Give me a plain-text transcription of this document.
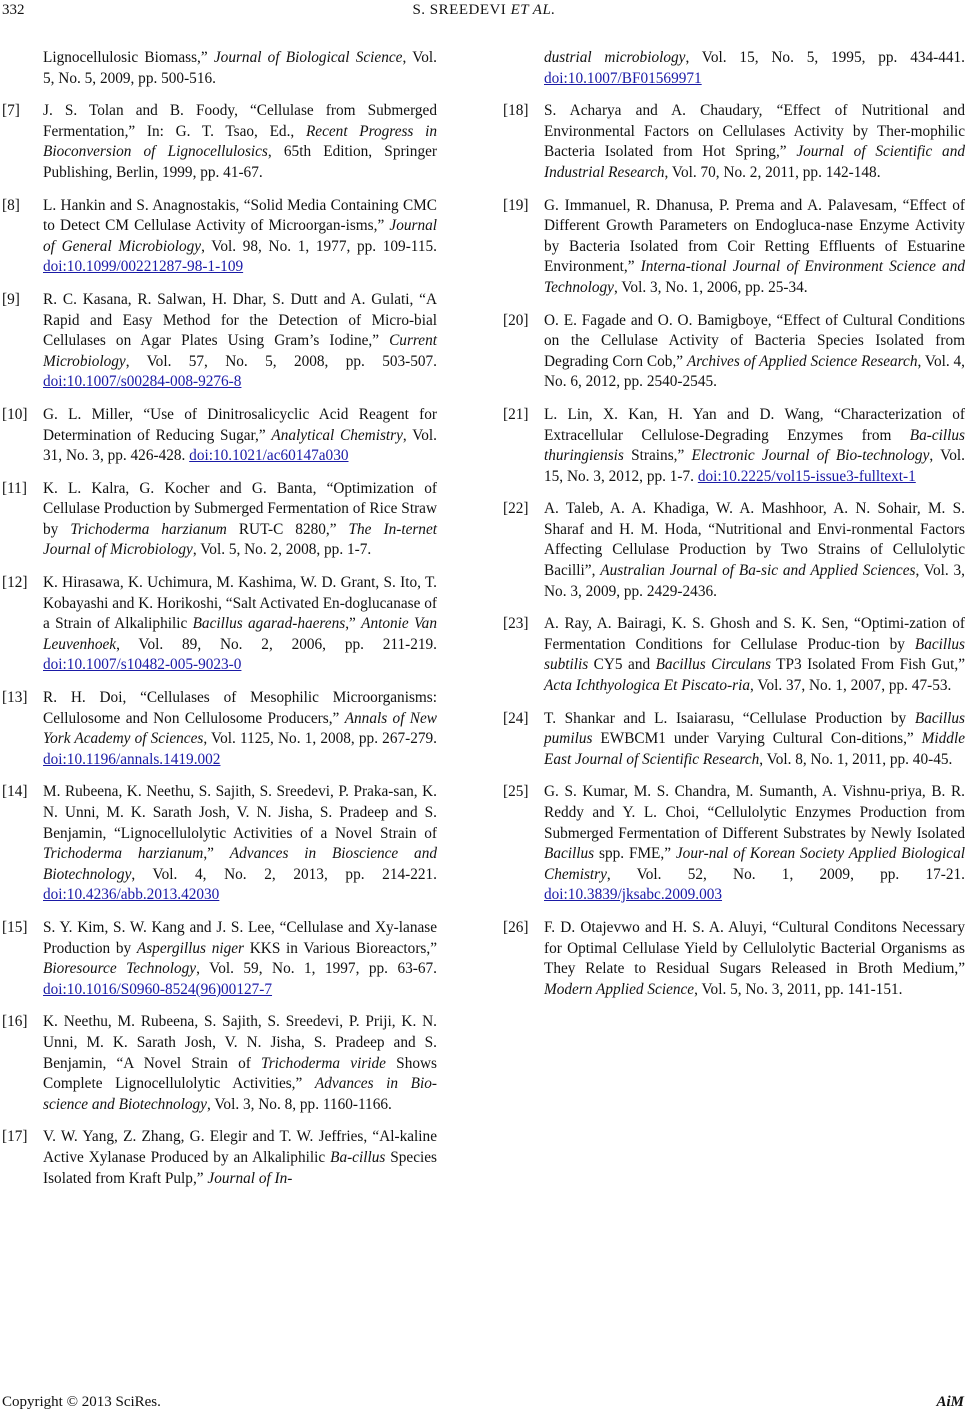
332	S. SREEDEVI ET AL.
Lignocellulosic Biomass,” Journal of Biological Science, Vol. 5, No. 5, 2009, pp. 500-516.
[7] J. S. Tolan and B. Foody, “Cellulase from Submerged Fermentation,” In: G. T. Tsao, Ed., Recent Progress in Bioconversion of Lignocellulosics, 65th Edition, Springer Publishing, Berlin, 1999, pp. 41-67.
[8] L. Hankin and S. Anagnostakis, “Solid Media Containing CMC to Detect CM Cellulase Activity of Microorgan-isms,” Journal of General Microbiology, Vol. 98, No. 1, 1977, pp. 109-115. doi:10.1099/00221287-98-1-109
[9] R. C. Kasana, R. Salwan, H. Dhar, S. Dutt and A. Gulati, “A Rapid and Easy Method for the Detection of Micro-bial Cellulases on Agar Plates Using Gram’s Iodine,” Current Microbiology, Vol. 57, No. 5, 2008, pp. 503-507. doi:10.1007/s00284-008-9276-8
[10] G. L. Miller, “Use of Dinitrosalicyclic Acid Reagent for Determination of Reducing Sugar,” Analytical Chemistry, Vol. 31, No. 3, pp. 426-428. doi:10.1021/ac60147a030
[11] K. L. Kalra, G. Kocher and G. Banta, “Optimization of Cellulase Production by Submerged Fermentation of Rice Straw by Trichoderma harzianum RUT-C 8280,” The In-ternet Journal of Microbiology, Vol. 5, No. 2, 2008, pp. 1-7.
[12] K. Hirasawa, K. Uchimura, M. Kashima, W. D. Grant, S. Ito, T. Kobayashi and K. Horikoshi, “Salt Activated En-doglucanase of a Strain of Alkaliphilic Bacillus agarad-haerens,” Antonie Van Leuvenhoek, Vol. 89, No. 2, 2006, pp. 211-219. doi:10.1007/s10482-005-9023-0
[13] R. H. Doi, “Cellulases of Mesophilic Microorganisms: Cellulosome and Non Cellulosome Producers,” Annals of New York Academy of Sciences, Vol. 1125, No. 1, 2008, pp. 267-279. doi:10.1196/annals.1419.002
[14] M. Rubeena, K. Neethu, S. Sajith, S. Sreedevi, P. Praka-san, K. N. Unni, M. K. Sarath Josh, V. N. Jisha, S. Pradeep and S. Benjamin, “Lignocellulolytic Activities of a Novel Strain of Trichoderma harzianum,” Advances in Bioscience and Biotechnology, Vol. 4, No. 2, 2013, pp. 214-221. doi:10.4236/abb.2013.42030
[15] S. Y. Kim, S. W. Kang and J. S. Lee, “Cellulase and Xy-lanase Production by Aspergillus niger KKS in Various Bioreactors,” Bioresource Technology, Vol. 59, No. 1, 1997, pp. 63-67. doi:10.1016/S0960-8524(96)00127-7
[16] K. Neethu, M. Rubeena, S. Sajith, S. Sreedevi, P. Priji, K. N. Unni, M. K. Sarath Josh, V. N. Jisha, S. Pradeep and S. Benjamin, “A Novel Strain of Trichoderma viride Shows Complete Lignocellulolytic Activities,” Advances in Bio-science and Biotechnology, Vol. 3, No. 8, pp. 1160-1166.
[17] V. W. Yang, Z. Zhang, G. Elegir and T. W. Jeffries, “Al-kaline Active Xylanase Produced by an Alkaliphilic Ba-cillus Species Isolated from Kraft Pulp,” Journal of In-
dustrial microbiology, Vol. 15, No. 5, 1995, pp. 434-441. doi:10.1007/BF01569971
[18] S. Acharya and A. Chaudary, “Effect of Nutritional and Environmental Factors on Cellulases Activity by Ther-mophilic Bacteria Isolated from Hot Spring,” Journal of Scientific and Industrial Research, Vol. 70, No. 2, 2011, pp. 142-148.
[19] G. Immanuel, R. Dhanusa, P. Prema and A. Palavesam, “Effect of Different Growth Parameters on Endogluca-nase Enzyme Activity by Bacteria Isolated from Coir Retting Effluents of Estuarine Environment,” Interna-tional Journal of Environment Science and Technology, Vol. 3, No. 1, 2006, pp. 25-34.
[20] O. E. Fagade and O. O. Bamigboye, “Effect of Cultural Conditions on the Cellulase Activity of Bacteria Species Isolated from Degrading Corn Cob,” Archives of Applied Science Research, Vol. 4, No. 6, 2012, pp. 2540-2545.
[21] L. Lin, X. Kan, H. Yan and D. Wang, “Characterization of Extracellular Cellulose-Degrading Enzymes from Ba-cillus thuringiensis Strains,” Electronic Journal of Bio-technology, Vol. 15, No. 3, 2012, pp. 1-7. doi:10.2225/vol15-issue3-fulltext-1
[22] A. Taleb, A. A. Khadiga, W. A. Mashhoor, A. N. Sohair, M. S. Sharaf and H. M. Hoda, “Nutritional and Envi-ronmental Factors Affecting Cellulase Production by Two Strains of Cellulolytic Bacilli”, Australian Journal of Ba-sic and Applied Sciences, Vol. 3, No. 3, 2009, pp. 2429-2436.
[23] A. Ray, A. Bairagi, K. S. Ghosh and S. K. Sen, “Optimi-zation of Fermentation Conditions for Cellulase Produc-tion by Bacillus subtilis CY5 and Bacillus Circulans TP3 Isolated From Fish Gut,” Acta Ichthyologica Et Piscato-ria, Vol. 37, No. 1, 2007, pp. 47-53.
[24] T. Shankar and L. Isaiarasu, “Cellulase Production by Bacillus pumilus EWBCM1 under Varying Cultural Con-ditions,” Middle East Journal of Scientific Research, Vol. 8, No. 1, 2011, pp. 40-45.
[25] G. S. Kumar, M. S. Chandra, M. Sumanth, A. Vishnu-priya, B. R. Reddy and Y. L. Choi, “Cellulolytic Enzymes Production from Submerged Fermentation of Different Substrates by Newly Isolated Bacillus spp. FME,” Jour-nal of Korean Society Applied Biological Chemistry, Vol. 52, No. 1, 2009, pp. 17-21. doi:10.3839/jksabc.2009.003
[26] F. D. Otajevwo and H. S. A. Aluyi, “Cultural Conditons Necessary for Optimal Cellulase Yield by Cellulolytic Bacterial Organisms as They Relate to Residual Sugars Released in Broth Medium,” Modern Applied Science, Vol. 5, No. 3, 2011, pp. 141-151.
Copyright © 2013 SciRes.	AiM
